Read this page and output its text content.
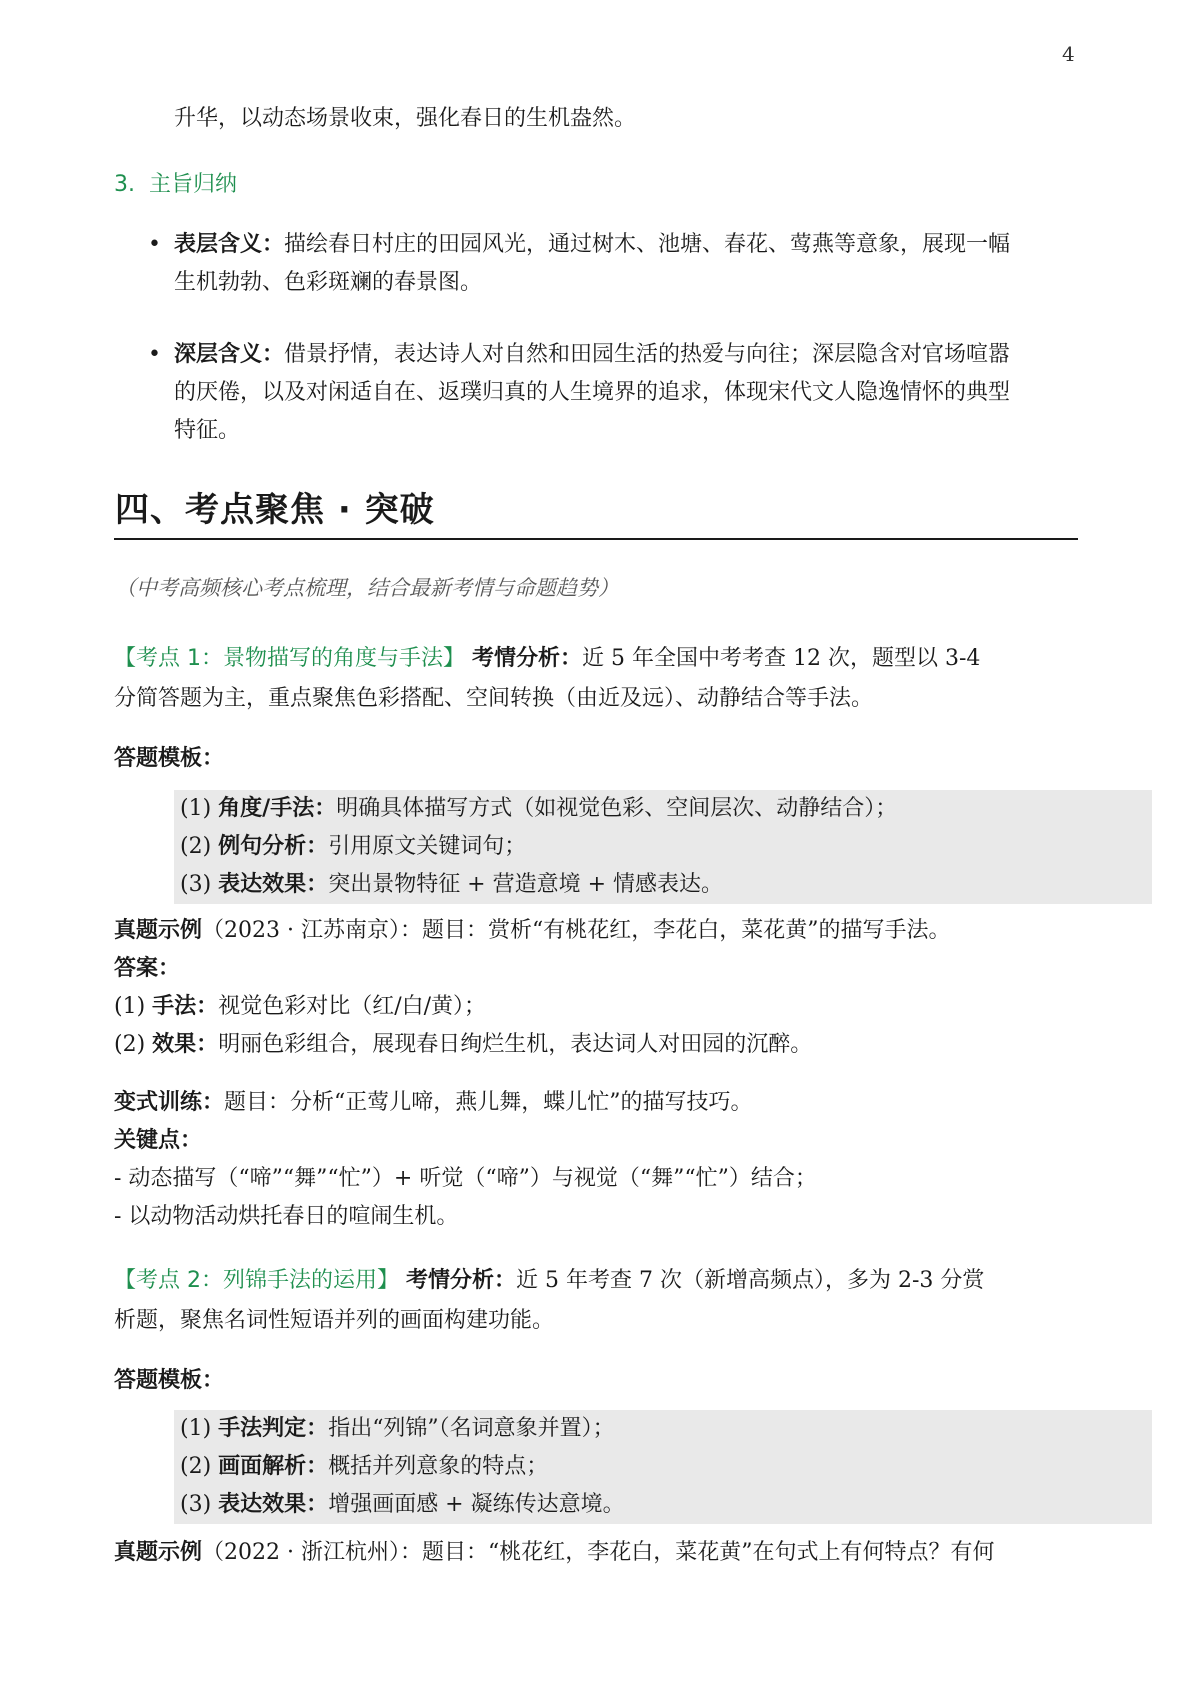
4

升华，以动态场景收束，强化春日的生机盎然。

3. 主旨归纳

• 表层含义：描绘春日村庄的田园风光，通过树木、池塘、春花、莺燕等意象，展现一幅

生机勃勃、色彩斑斓的春景图。

• 深层含义：借景抒情，表达诗人对自然和田园生活的热爱与向往；深层隐含对官场喧嚣

的厌倦，以及对闲适自在、返璞归真的人生境界的追求，体现宋代文人隐逸情怀的典型

特征。

四、考点聚焦 · 突破
（中考高频核心考点梳理，结合最新考情与命题趋势）

【考点 1：景物描写的角度与手法】 考情分析：近 5 年全国中考考查 12 次，题型以 3-4

分简答题为主，重点聚焦色彩搭配、空间转换（由近及远）、动静结合等手法。

答题模板：

(1) 角度/手法：明确具体描写方式（如视觉色彩、空间层次、动静结合）；
(2) 例句分析：引用原文关键词句；
(3) 表达效果：突出景物特征 + 营造意境 + 情感表达。

真题示例（2023 · 江苏南京）：题目：赏析“有桃花红，李花白，菜花黄”的描写手法。

答案：

(1) 手法：视觉色彩对比（红/白/黄）；

(2) 效果：明丽色彩组合，展现春日绚烂生机，表达词人对田园的沉醉。

变式训练：题目：分析“正莺儿啼，燕儿舞，蝶儿忙”的描写技巧。

关键点：

- 动态描写（“啼”“舞”“忙”）+ 听觉（“啼”）与视觉（“舞”“忙”）结合；

- 以动物活动烘托春日的喧闹生机。

【考点 2：列锦手法的运用】 考情分析：近 5 年考查 7 次（新增高频点），多为 2-3 分赏

析题，聚焦名词性短语并列的画面构建功能。

答题模板：

(1) 手法判定：指出“列锦”（名词意象并置）；
(2) 画面解析：概括并列意象的特点；
(3) 表达效果：增强画面感 + 凝练传达意境。

真题示例（2022 · 浙江杭州）：题目：“桃花红，李花白，菜花黄”在句式上有何特点？有何
